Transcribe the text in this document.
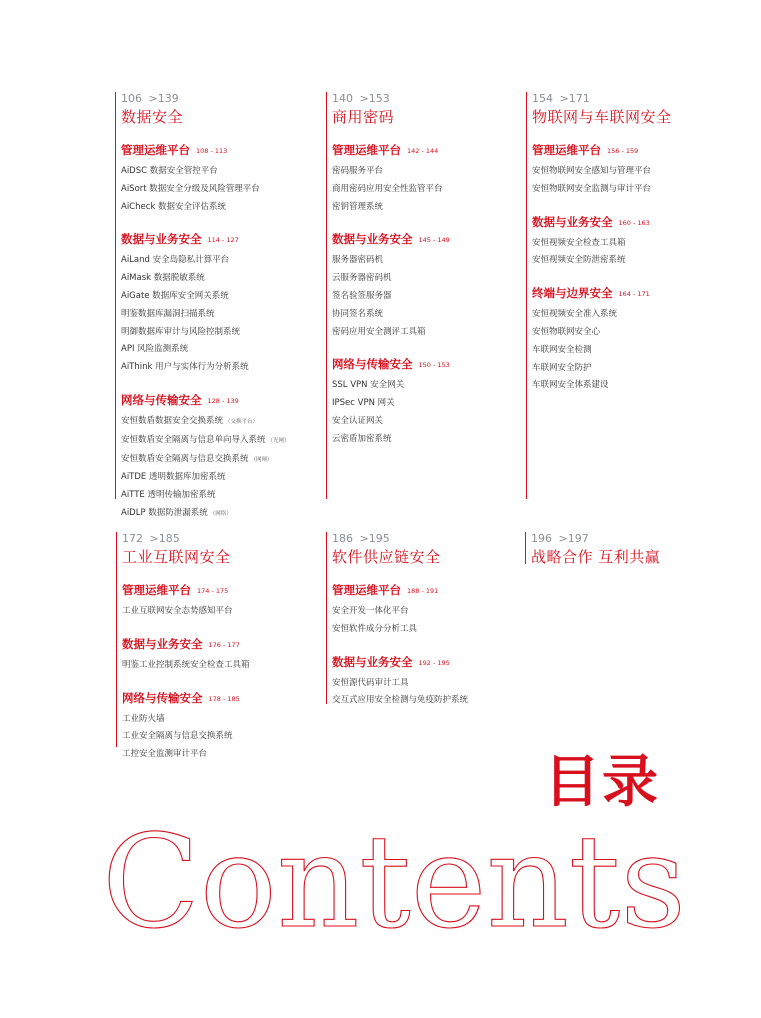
106 >139
数据安全
管理运维平台 108 - 113
AiDSC 数据安全管控平台
AiSort 数据安全分级及风险管理平台
AiCheck 数据安全评估系统
数据与业务安全 114 - 127
AiLand 安全岛隐私计算平台
AiMask 数据脱敏系统
AiGate 数据库安全网关系统
明鉴数据库漏洞扫描系统
明御数据库审计与风险控制系统
API 风险监测系统
AiThink 用户与实体行为分析系统
网络与传输安全 128 - 139
安恒数盾数据安全交换系统 （交换平台）
安恒数盾安全隔离与信息单向导入系统 （光闸）
安恒数盾安全隔离与信息交换系统 （网闸）
AiTDE 透明数据库加密系统
AiTTE 透明传输加密系统
AiDLP 数据防泄漏系统 （网络）
140 >153
商用密码
管理运维平台 142 - 144
密码服务平台
商用密码应用安全性监管平台
密钥管理系统
数据与业务安全 145 - 149
服务器密码机
云服务器密码机
签名验签服务器
协同签名系统
密码应用安全测评工具箱
网络与传输安全 150 - 153
SSL VPN 安全网关
IPSec VPN 网关
安全认证网关
云密盾加密系统
154 >171
物联网与车联网安全
管理运维平台 156 - 159
安恒物联网安全感知与管理平台
安恒物联网安全监测与审计平台
数据与业务安全 160 - 163
安恒视频安全检查工具箱
安恒视频安全防泄密系统
终端与边界安全 164 - 171
安恒视频安全准入系统
安恒物联网安全心
车联网安全检测
车联网安全防护
车联网安全体系建设
172 >185
工业互联网安全
管理运维平台 174 - 175
工业互联网安全态势感知平台
数据与业务安全 176 - 177
明鉴工业控制系统安全检查工具箱
网络与传输安全 178 - 185
工业防火墙
工业安全隔离与信息交换系统
工控安全监测审计平台
186 >195
软件供应链安全
管理运维平台 188 - 191
安全开发一体化平台
安恒软件成分分析工具
数据与业务安全 192 - 195
安恒源代码审计工具
交互式应用安全检测与免疫防护系统
196 >197
战略合作 互利共赢
目录
Contents
